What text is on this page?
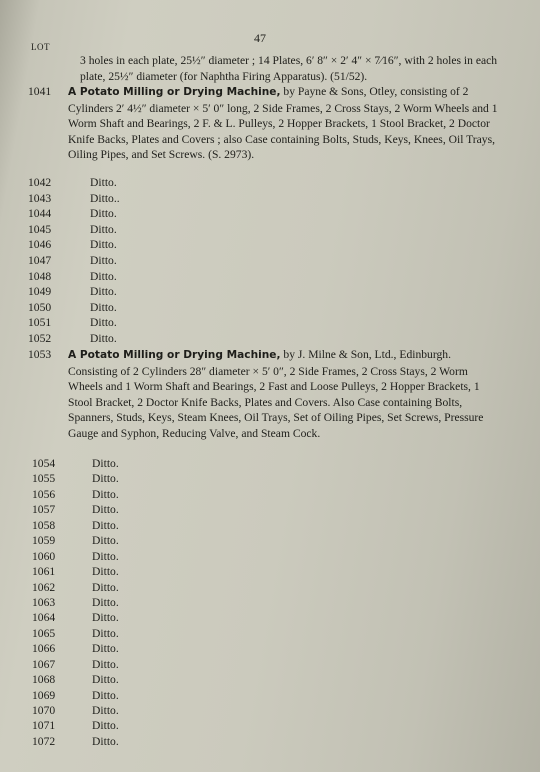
47
LOT
3 holes in each plate, 25½″ diameter ; 14 Plates, 6′ 8″ × 2′ 4″ × 7⁄16″, with 2 holes in each plate, 25½″ diameter (for Naphtha Firing Apparatus). (51/52).
1041	A Potato Milling or Drying Machine, by Payne & Sons, Otley, consisting of 2 Cylinders 2′ 4½″ diameter × 5′ 0″ long, 2 Side Frames, 2 Cross Stays, 2 Worm Wheels and 1 Worm Shaft and Bearings, 2 F. & L. Pulleys, 2 Hopper Brackets, 1 Stool Bracket, 2 Doctor Knife Backs, Plates and Covers ; also Case containing Bolts, Studs, Keys, Knees, Oil Trays, Oiling Pipes, and Set Screws. (S. 2973).
1042	Ditto.
1043	Ditto..
1044	Ditto.
1045	Ditto.
1046	Ditto.
1047	Ditto.
1048	Ditto.
1049	Ditto.
1050	Ditto.
1051	Ditto.
1052	Ditto.
1053	A Potato Milling or Drying Machine, by J. Milne & Son, Ltd., Edinburgh. Consisting of 2 Cylinders 28″ diameter × 5′ 0″, 2 Side Frames, 2 Cross Stays, 2 Worm Wheels and 1 Worm Shaft and Bearings, 2 Fast and Loose Pulleys, 2 Hopper Brackets, 1 Stool Bracket, 2 Doctor Knife Backs, Plates and Covers. Also Case containing Bolts, Spanners, Studs, Keys, Steam Knees, Oil Trays, Set of Oiling Pipes, Set Screws, Pressure Gauge and Syphon, Reducing Valve, and Steam Cock.
1054	Ditto.
1055	Ditto.
1056	Ditto.
1057	Ditto.
1058	Ditto.
1059	Ditto.
1060	Ditto.
1061	Ditto.
1062	Ditto.
1063	Ditto.
1064	Ditto.
1065	Ditto.
1066	Ditto.
1067	Ditto.
1068	Ditto.
1069	Ditto.
1070	Ditto.
1071	Ditto.
1072	Ditto.
